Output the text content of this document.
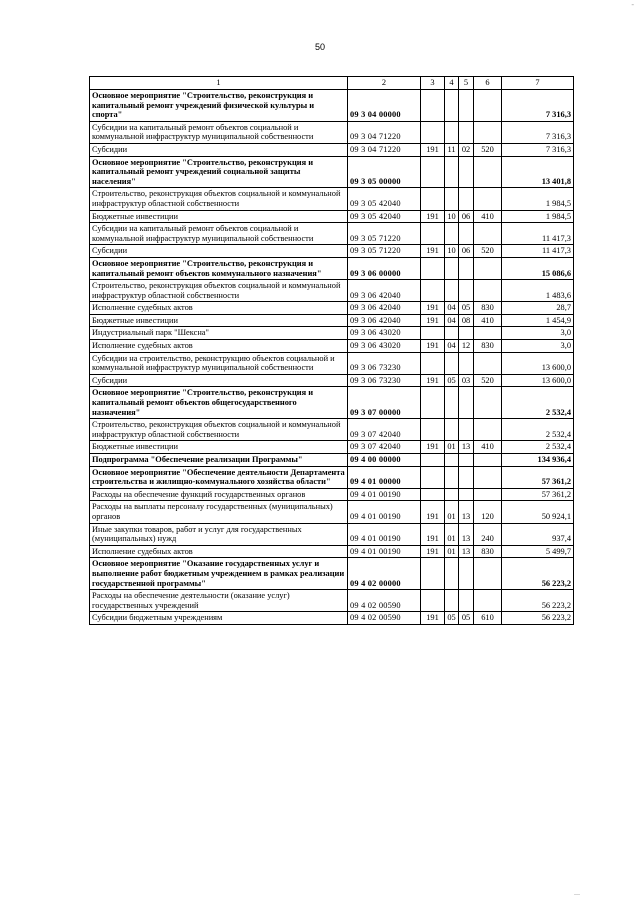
-
50
1	2	3	4	5	6	7
Основное мероприятие "Строительство, реконструкция и капитальный ремонт учреждений физической культуры и спорта"	09 3 04 00000					7 316,3
Субсидии на капитальный ремонт объектов социальной и коммунальной инфраструктур муниципальной собственности	09 3 04 71220					7 316,3
Субсидии	09 3 04 71220	191	11	02	520	7 316,3
Основное мероприятие "Строительство, реконструкция и капитальный ремонт учреждений социальной защиты населения"	09 3 05 00000					13 401,8
Строительство, реконструкция объектов социальной и коммунальной инфраструктур областной собственности	09 3 05 42040					1 984,5
Бюджетные инвестиции	09 3 05 42040	191	10	06	410	1 984,5
Субсидии на капитальный ремонт объектов социальной и коммунальной инфраструктур муниципальной собственности	09 3 05 71220					11 417,3
Субсидии	09 3 05 71220	191	10	06	520	11 417,3
Основное мероприятие "Строительство, реконструкция и капитальный ремонт объектов коммунального назначения"	09 3 06 00000					15 086,6
Строительство, реконструкция объектов социальной и коммунальной инфраструктур областной собственности	09 3 06 42040					1 483,6
Исполнение судебных актов	09 3 06 42040	191	04	05	830	28,7
Бюджетные инвестиции	09 3 06 42040	191	04	08	410	1 454,9
Индустриальный парк "Шексна"	09 3 06 43020					3,0
Исполнение судебных актов	09 3 06 43020	191	04	12	830	3,0
Субсидии на строительство, реконструкцию объектов социальной и коммунальной инфраструктур муниципальной собственности	09 3 06 73230					13 600,0
Субсидии	09 3 06 73230	191	05	03	520	13 600,0
Основное мероприятие "Строительство, реконструкция и капитальный ремонт объектов общегосударственного назначения"	09 3 07 00000					2 532,4
Строительство, реконструкция объектов социальной и коммунальной инфраструктур областной собственности	09 3 07 42040					2 532,4
Бюджетные инвестиции	09 3 07 42040	191	01	13	410	2 532,4
Подпрограмма "Обеспечение реализации Программы"	09 4 00 00000					134 936,4
Основное мероприятие "Обеспечение деятельности Департамента строительства и жилищно-коммунального хозяйства области"	09 4 01 00000					57 361,2
Расходы на обеспечение функций государственных органов	09 4 01 00190					57 361,2
Расходы на выплаты персоналу государственных (муниципальных) органов	09 4 01 00190	191	01	13	120	50 924,1
Иные закупки товаров, работ и услуг для государственных (муниципальных) нужд	09 4 01 00190	191	01	13	240	937,4
Исполнение судебных актов	09 4 01 00190	191	01	13	830	5 499,7
Основное мероприятие "Оказание государственных услуг и выполнение работ бюджетным учреждением в рамках реализации государственной программы"	09 4 02 00000					56 223,2
Расходы на обеспечение деятельности (оказание услуг) государственных учреждений	09 4 02 00590					56 223,2
Субсидии бюджетным учреждениям	09 4 02 00590	191	05	05	610	56 223,2
...
